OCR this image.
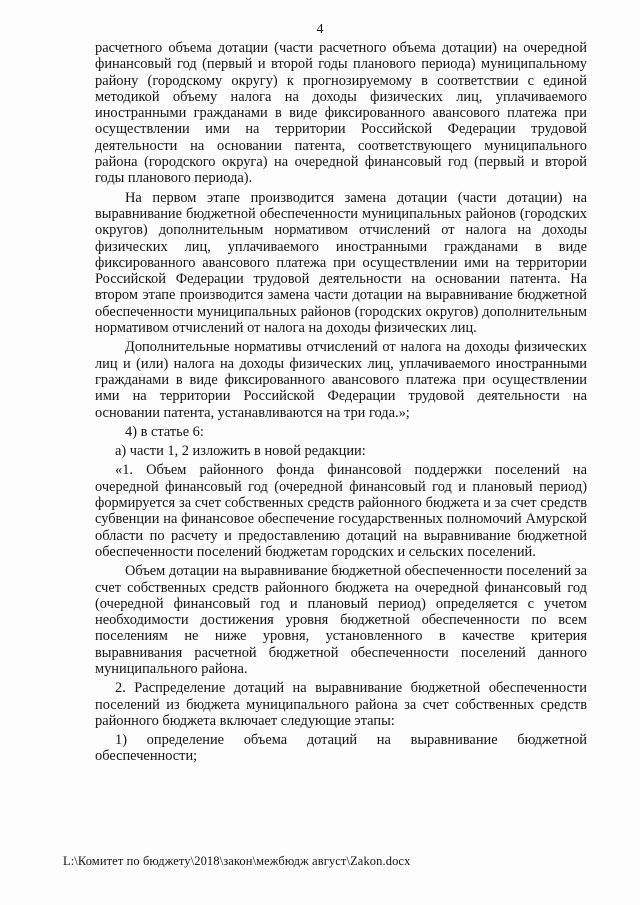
4

расчетного объема дотации (части расчетного объема дотации) на очередной финансовый год (первый и второй годы планового периода) муниципальному району (городскому округу) к прогнозируемому в соответствии с единой методикой объему налога на доходы физических лиц, уплачиваемого иностранными гражданами в виде фиксированного авансового платежа при осуществлении ими на территории Российской Федерации трудовой деятельности на основании патента, соответствующего муниципального района (городского округа) на очередной финансовый год (первый и второй годы планового периода).

На первом этапе производится замена дотации (части дотации) на выравнивание бюджетной обеспеченности муниципальных районов (городских округов) дополнительным нормативом отчислений от налога на доходы физических лиц, уплачиваемого иностранными гражданами в виде фиксированного авансового платежа при осуществлении ими на территории Российской Федерации трудовой деятельности на основании патента. На втором этапе производится замена части дотации на выравнивание бюджетной обеспеченности муниципальных районов (городских округов) дополнительным нормативом отчислений от налога на доходы физических лиц.

Дополнительные нормативы отчислений от налога на доходы физических лиц и (или) налога на доходы физических лиц, уплачиваемого иностранными гражданами в виде фиксированного авансового платежа при осуществлении ими на территории Российской Федерации трудовой деятельности на основании патента, устанавливаются на три года.»;

4) в статье 6:

а) части 1, 2 изложить в новой редакции:

«1. Объем районного фонда финансовой поддержки поселений на очередной финансовый год (очередной финансовый год и плановый период) формируется за счет собственных средств районного бюджета и за счет средств субвенции на финансовое обеспечение государственных полномочий Амурской области по расчету и предоставлению дотаций на выравнивание бюджетной обеспеченности поселений бюджетам городских и сельских поселений.

Объем дотации на выравнивание бюджетной обеспеченности поселений за счет собственных средств районного бюджета на очередной финансовый год (очередной финансовый год и плановый период) определяется с учетом необходимости достижения уровня бюджетной обеспеченности по всем поселениям не ниже уровня, установленного в качестве критерия выравнивания расчетной бюджетной обеспеченности поселений данного муниципального района.

2. Распределение дотаций на выравнивание бюджетной обеспеченности поселений из бюджета муниципального района за счет собственных средств районного бюджета включает следующие этапы:

1) определение объема дотаций на выравнивание бюджетной обеспеченности;

L:\Комитет по бюджету\2018\закон\межбюдж август\Zakon.docx
